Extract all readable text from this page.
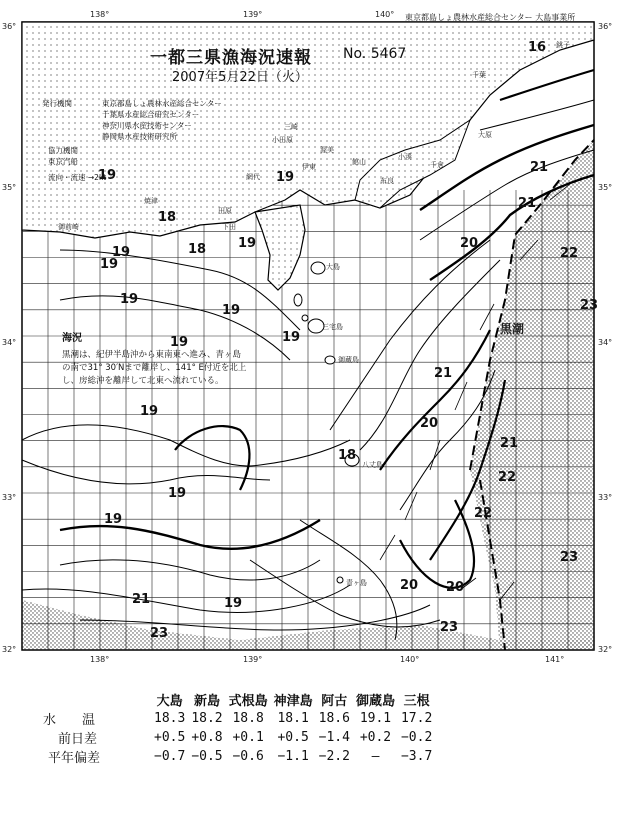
東京都島しょ農林水産総合センター 大島事業所
一都三県漁海況速報 No. 5467
2007年5月22日（火）
発行機関	東京都島しょ農林水産総合センター
千葉県水産総合研究センター
神奈川県水産技術センター
静岡県水産技術研究所
協力機関
東京汽船
流向・流速 →2kt
138°	139°	140°
138°	139°	140°	141°
36°
35°
34°
33°
32°
36°
35°
34°
33°
32°
海況
黒潮は、紀伊半島沖から東南東へ進み、青ヶ島
の南で31° 30′Nまで離岸し、141° E付近を北上
し、房総沖を離岸して北東へ流れている。
黒潮
御蔵島
八丈島
青ヶ島
大島
三宅島
千葉
銚子
大原
焼津
下田
伊東
小田原
網代
三崎
館山
布良
小湊
千倉
御前崎
田原
渥美
16
19
18
19	18 19
19
19
19
19	19
19
19
19
19
19
20
20
20
21
21
21
21
22
22
22
23
23	23
23
18
20
21
	大島	新島	式根島	神津島	阿古	御蔵島	三根
水　　温	18.3	18.2	18.8	18.1	18.6	19.1	17.2
前日差	+0.5	+0.8	+0.1	+0.5	−1.4	+0.2	−0.2
平年偏差	−0.7	−0.5	−0.6	−1.1	−2.2	—	−3.7
